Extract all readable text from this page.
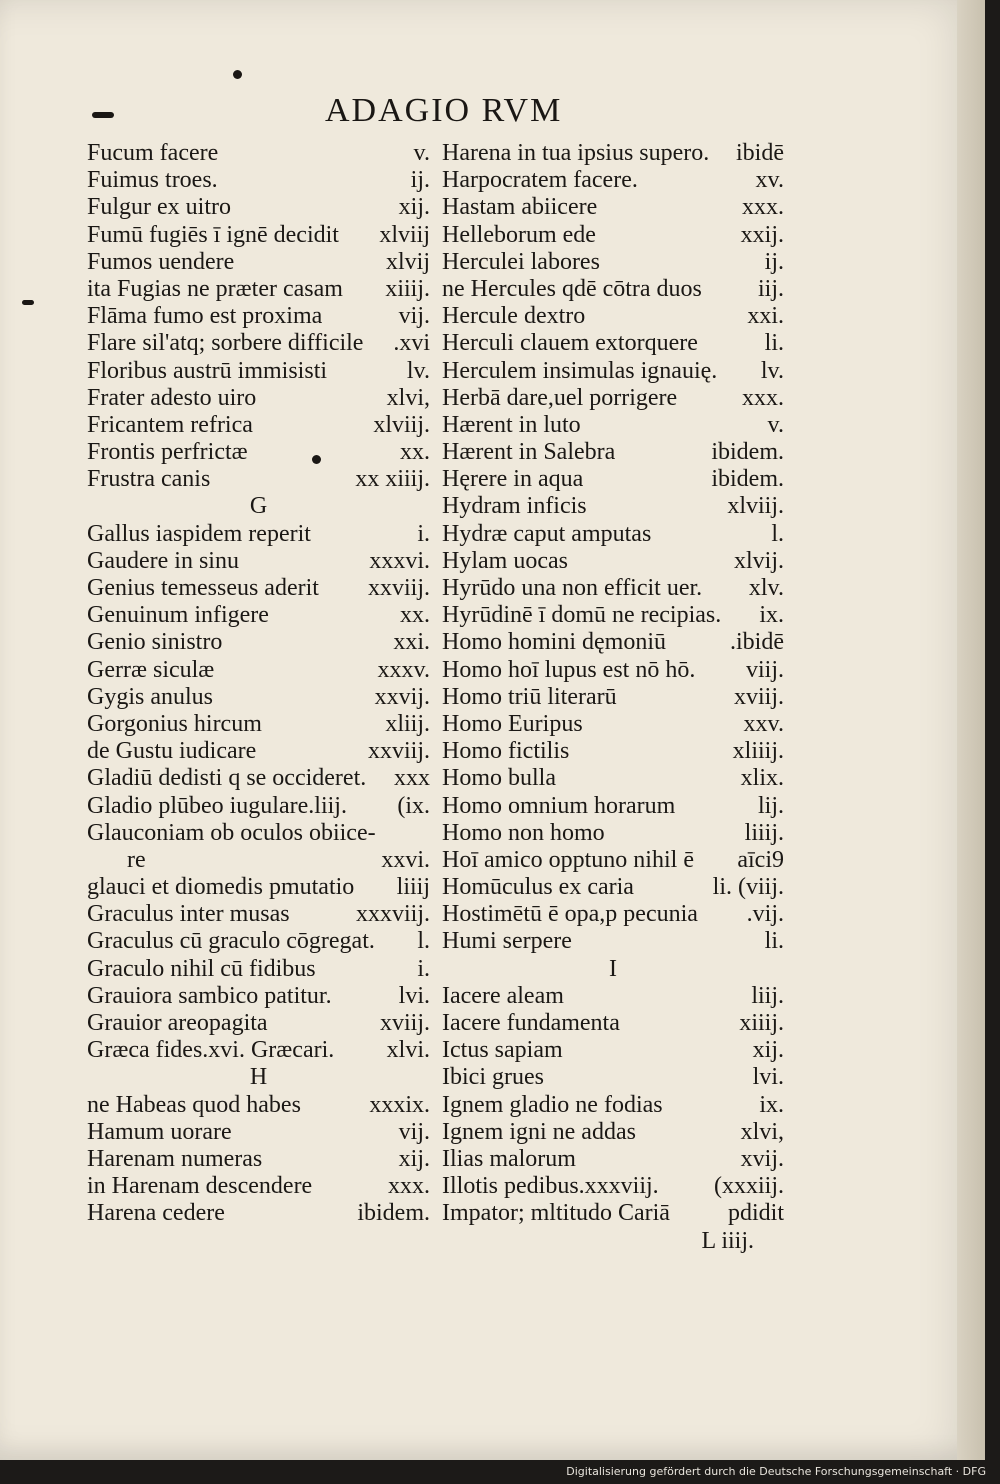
ADAGIO RVM
Fucum facere	v.
Fuimus troes.	ij.
Fulgur ex uitro	xij.
Fumū fugiēs ī ignē decidit xlviij
Fumos uendere	xlvij
ita Fugias ne præter casam xiiij.
Flāma fumo est proxima	vij.
Flare sil'atq; sorbere difficile .xvi
Floribus austrū immisisti	lv.
Frater adesto uiro	xlvi,
Fricantem refrica	xlviij.
Frontis perfrictæ	xx.
Frustra canis	xx xiiij.
G
Gallus iaspidem reperit	i.
Gaudere in sinu	xxxvi.
Genius temesseus aderit xxviij.
Genuinum infigere	xx.
Genio sinistro	xxi.
Gerræ siculæ	xxxv.
Gygis anulus	xxvij.
Gorgonius hircum	xliij.
de Gustu iudicare	xxviij.
Gladiū dedisti q se occideret. xxx
Gladio plūbeo iugulare.liij. (ix.
Glauconiam ob oculos obiice-
re	xxvi.
glauci et diomedis pmutatio liiij
Graculus inter musas	xxxviij.
Graculus cū graculo cōgregat. l.
Graculo nihil cū fidibus	i.
Grauiora sambico patitur.	lvi.
Grauior areopagita	xviij.
Græca fides.xvi. Græcari. xlvi.
H
ne Habeas quod habes	xxxix.
Hamum uorare	vij.
Harenam numeras	xij.
in Harenam descendere	xxx.
Harena cedere	ibidem.
Harena in tua ipsius supero. ibidē
Harpocratem facere.	xv.
Hastam abiicere	xxx.
Helleborum ede	xxij.
Herculei labores	ij.
ne Hercules qdē cōtra duos iij.
Hercule dextro	xxi.
Herculi clauem extorquere	li.
Herculem insimulas ignauię. lv.
Herbā dare,uel porrigere	xxx.
Hærent in luto	v.
Hærent in Salebra	ibidem.
Hęrere in aqua	ibidem.
Hydram inficis	xlviij.
Hydræ caput amputas	l.
Hylam uocas	xlvij.
Hyrūdo una non efficit uer. xlv.
Hyrūdinē ī domū ne recipias. ix.
Homo homini dęmoniū	.ibidē
Homo hoī lupus est nō hō. viij.
Homo triū literarū	xviij.
Homo Euripus	xxv.
Homo fictilis	xliiij.
Homo bulla	xlix.
Homo omnium horarum	lij.
Homo non homo	liiij.
Hoī amico opptuno nihil ē aīci9
Homūculus ex caria	li. (viij.
Hostimētū ē opa,p pecunia .vij.
Humi serpere	li.
I
Iacere aleam	liij.
Iacere fundamenta	xiiij.
Ictus sapiam	xij.
Ibici grues	lvi.
Ignem gladio ne fodias	ix.
Ignem igni ne addas	xlvi,
Ilias malorum	xvij.
Illotis pedibus.xxxviij. (xxxiij.
Impator; mltitudo Cariā pdidit
L iiij.
Digitalisierung gefördert durch die Deutsche Forschungsgemeinschaft · DFG
